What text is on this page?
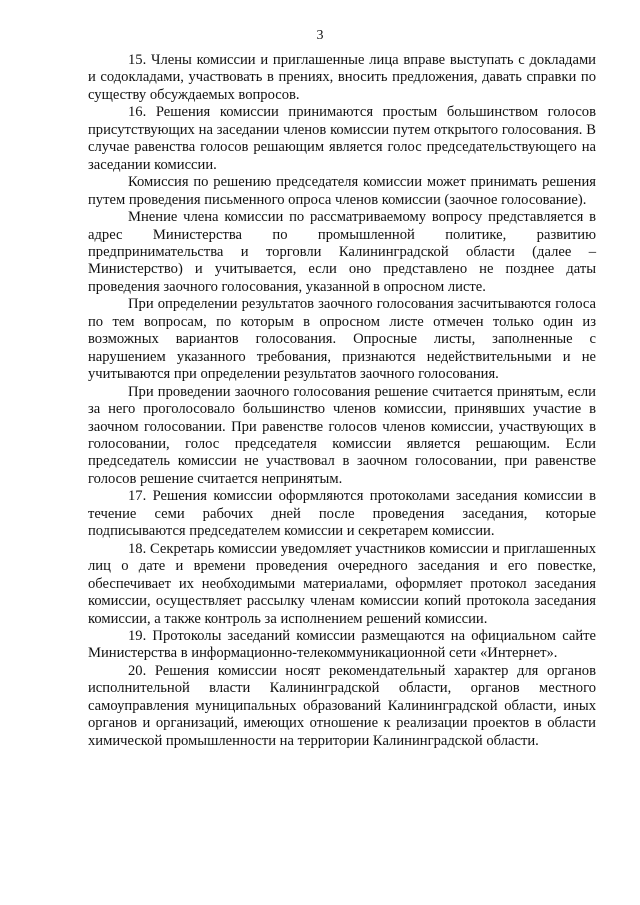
3

15. Члены комиссии и приглашенные лица вправе выступать с докладами и содокладами, участвовать в прениях, вносить предложения, давать справки по существу обсуждаемых вопросов.

16. Решения комиссии принимаются простым большинством голосов присутствующих на заседании членов комиссии путем открытого голосования. В случае равенства голосов решающим является голос председательствующего на заседании комиссии.

Комиссия по решению председателя комиссии может принимать решения путем проведения письменного опроса членов комиссии (заочное голосование).

Мнение члена комиссии по рассматриваемому вопросу представляется в адрес Министерства по промышленной политике, развитию предпринимательства и торговли Калининградской области (далее – Министерство) и учитывается, если оно представлено не позднее даты проведения заочного голосования, указанной в опросном листе.

При определении результатов заочного голосования засчитываются голоса по тем вопросам, по которым в опросном листе отмечен только один из возможных вариантов голосования. Опросные листы, заполненные с нарушением указанного требования, признаются недействительными и не учитываются при определении результатов заочного голосования.

При проведении заочного голосования решение считается принятым, если за него проголосовало большинство членов комиссии, принявших участие в заочном голосовании. При равенстве голосов членов комиссии, участвующих в голосовании, голос председателя комиссии является решающим. Если председатель комиссии не участвовал в заочном голосовании, при равенстве голосов решение считается непринятым.

17. Решения комиссии оформляются протоколами заседания комиссии в течение семи рабочих дней после проведения заседания, которые подписываются председателем комиссии и секретарем комиссии.

18. Секретарь комиссии уведомляет участников комиссии и приглашенных лиц о дате и времени проведения очередного заседания и его повестке, обеспечивает их необходимыми материалами, оформляет протокол заседания комиссии, осуществляет рассылку членам комиссии копий протокола заседания комиссии, а также контроль за исполнением решений комиссии.

19. Протоколы заседаний комиссии размещаются на официальном сайте Министерства в информационно-телекоммуникационной сети «Интернет».

20. Решения комиссии носят рекомендательный характер для органов исполнительной власти Калининградской области, органов местного самоуправления муниципальных образований Калининградской области, иных органов и организаций, имеющих отношение к реализации проектов в области химической промышленности на территории Калининградской области.
